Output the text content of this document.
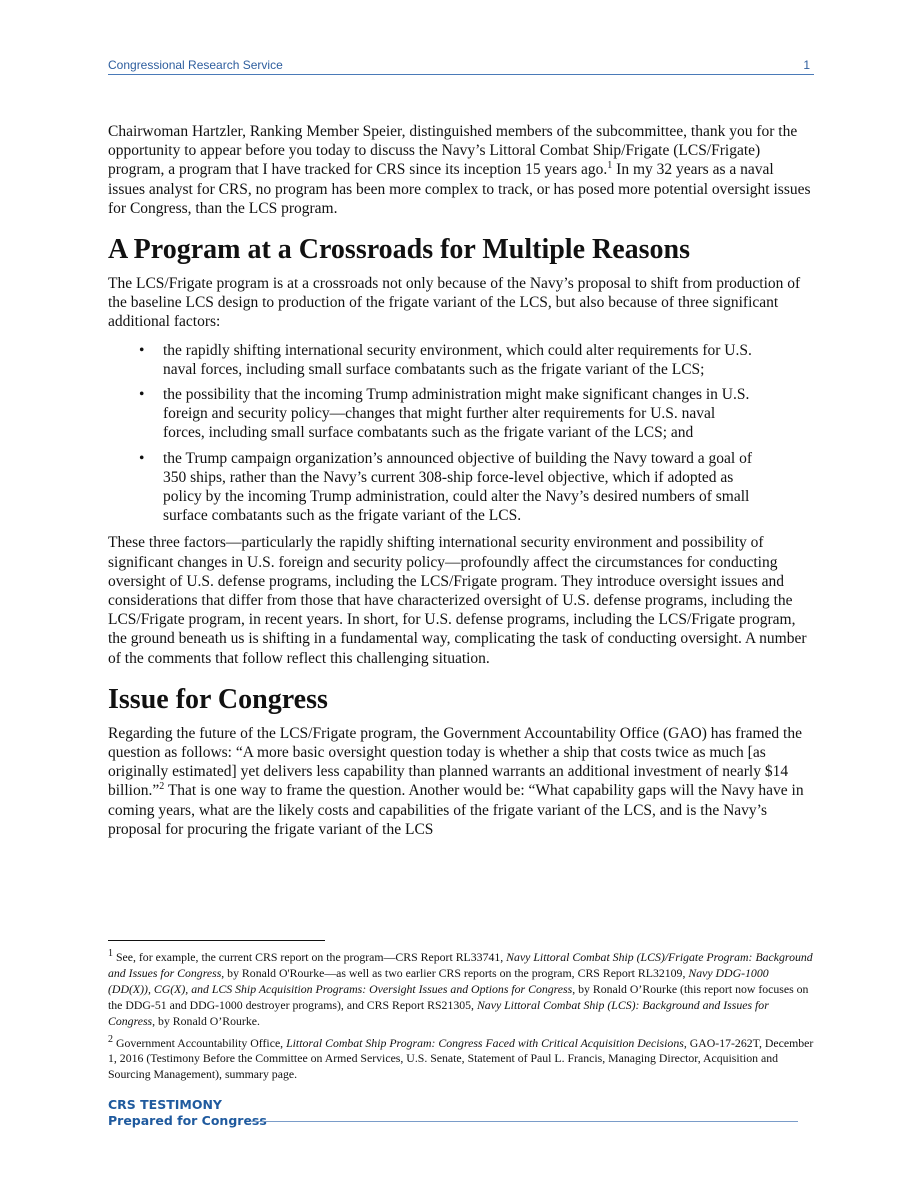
Congressional Research Service	1

Chairwoman Hartzler, Ranking Member Speier, distinguished members of the subcommittee, thank you for the opportunity to appear before you today to discuss the Navy’s Littoral Combat Ship/Frigate (LCS/Frigate) program, a program that I have tracked for CRS since its inception 15 years ago.$^1$ In my 32 years as a naval issues analyst for CRS, no program has been more complex to track, or has posed more potential oversight issues for Congress, than the LCS program.

A Program at a Crossroads for Multiple Reasons

The LCS/Frigate program is at a crossroads not only because of the Navy’s proposal to shift from production of the baseline LCS design to production of the frigate variant of the LCS, but also because of three significant additional factors:

• the rapidly shifting international security environment, which could alter requirements for U.S. naval forces, including small surface combatants such as the frigate variant of the LCS;
• the possibility that the incoming Trump administration might make significant changes in U.S. foreign and security policy—changes that might further alter requirements for U.S. naval forces, including small surface combatants such as the frigate variant of the LCS; and
• the Trump campaign organization’s announced objective of building the Navy toward a goal of 350 ships, rather than the Navy’s current 308-ship force-level objective, which if adopted as policy by the incoming Trump administration, could alter the Navy’s desired numbers of small surface combatants such as the frigate variant of the LCS.

These three factors—particularly the rapidly shifting international security environment and possibility of significant changes in U.S. foreign and security policy—profoundly affect the circumstances for conducting oversight of U.S. defense programs, including the LCS/Frigate program. They introduce oversight issues and considerations that differ from those that have characterized oversight of U.S. defense programs, including the LCS/Frigate program, in recent years. In short, for U.S. defense programs, including the LCS/Frigate program, the ground beneath us is shifting in a fundamental way, complicating the task of conducting oversight. A number of the comments that follow reflect this challenging situation.

Issue for Congress

Regarding the future of the LCS/Frigate program, the Government Accountability Office (GAO) has framed the question as follows: “A more basic oversight question today is whether a ship that costs twice as much [as originally estimated] yet delivers less capability than planned warrants an additional investment of nearly $14 billion.”$^2$ That is one way to frame the question. Another would be: “What capability gaps will the Navy have in coming years, what are the likely costs and capabilities of the frigate variant of the LCS, and is the Navy’s proposal for procuring the frigate variant of the LCS

$^1$ See, for example, the current CRS report on the program—CRS Report RL33741, Navy Littoral Combat Ship (LCS)/Frigate Program: Background and Issues for Congress, by Ronald O'Rourke—as well as two earlier CRS reports on the program, CRS Report RL32109, Navy DDG-1000 (DD(X)), CG(X), and LCS Ship Acquisition Programs: Oversight Issues and Options for Congress, by Ronald O’Rourke (this report now focuses on the DDG-51 and DDG-1000 destroyer programs), and CRS Report RS21305, Navy Littoral Combat Ship (LCS): Background and Issues for Congress, by Ronald O’Rourke.

$^2$ Government Accountability Office, Littoral Combat Ship Program: Congress Faced with Critical Acquisition Decisions, GAO-17-262T, December 1, 2016 (Testimony Before the Committee on Armed Services, U.S. Senate, Statement of Paul L. Francis, Managing Director, Acquisition and Sourcing Management), summary page.

CRS TESTIMONY
Prepared for Congress
